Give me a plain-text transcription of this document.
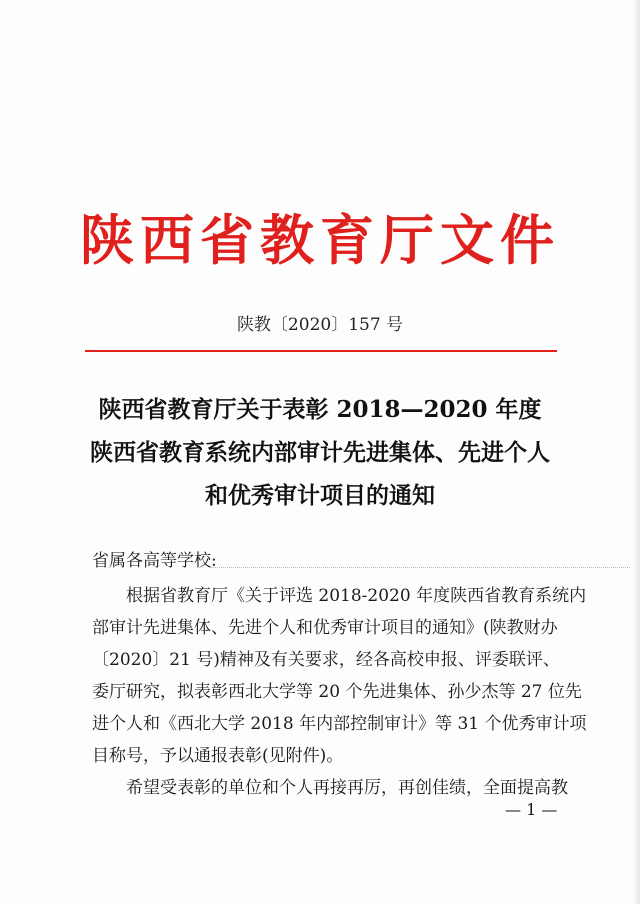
陕西省教育厅文件

陕教〔2020〕157 号

陕西省教育厅关于表彰 2018—2020 年度
陕西省教育系统内部审计先进集体、先进个人
和优秀审计项目的通知

省属各高等学校:

根据省教育厅《关于评选 2018-2020 年度陕西省教育系统内
部审计先进集体、先进个人和优秀审计项目的通知》(陕教财办
〔2020〕21 号)精神及有关要求，经各高校申报、评委联评、
委厅研究，拟表彰西北大学等 20 个先进集体、孙少杰等 27 位先
进个人和《西北大学 2018 年内部控制审计》等 31 个优秀审计项
目称号，予以通报表彰(见附件)。
希望受表彰的单位和个人再接再厉，再创佳绩，全面提高教

— 1 —
